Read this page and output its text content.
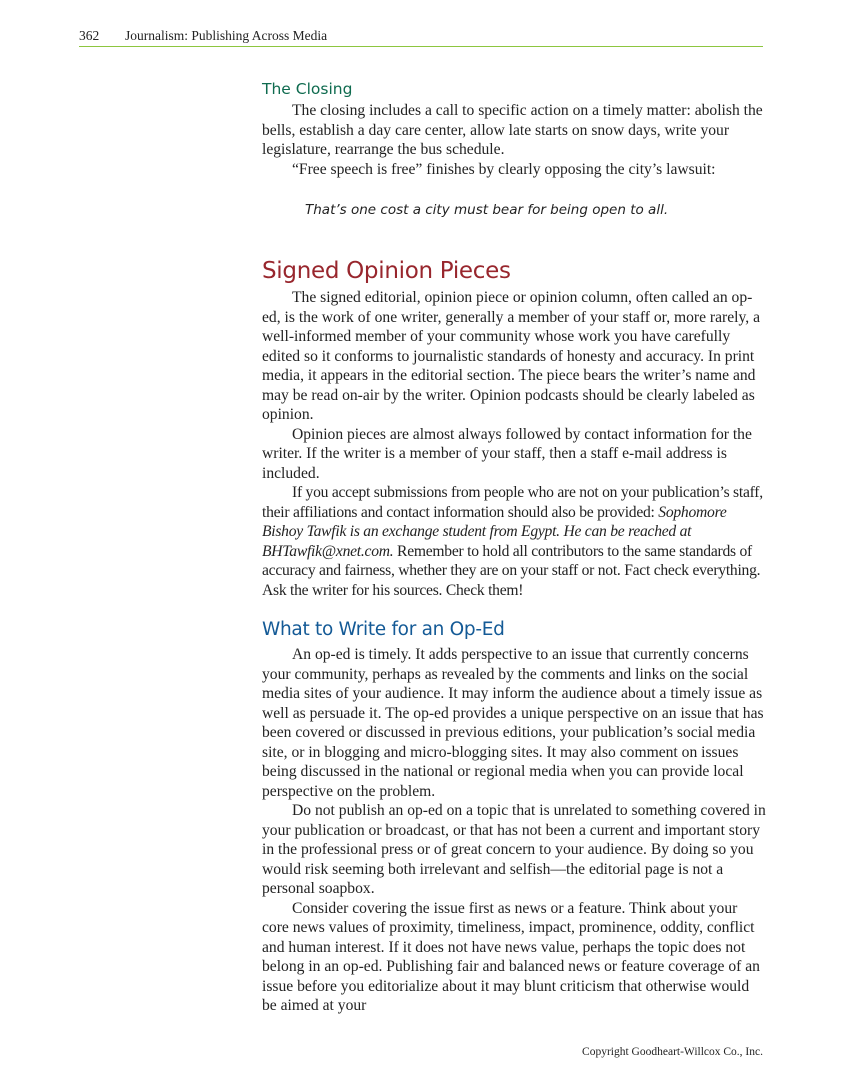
362 Journalism: Publishing Across Media
The Closing

The closing includes a call to specific action on a timely matter: abolish the bells, establish a day care center, allow late starts on snow days, write your legislature, rearrange the bus schedule.

“Free speech is free” finishes by clearly opposing the city’s lawsuit:

That’s one cost a city must bear for being open to all.
Signed Opinion Pieces

The signed editorial, opinion piece or opinion column, often called an op-ed, is the work of one writer, generally a member of your staff or, more rarely, a well-informed member of your community whose work you have carefully edited so it conforms to journalistic standards of honesty and accuracy. In print media, it appears in the editorial section. The piece bears the writer’s name and may be read on-air by the writer. Opinion podcasts should be clearly labeled as opinion.

Opinion pieces are almost always followed by contact information for the writer. If the writer is a member of your staff, then a staff e-mail address is included.

If you accept submissions from people who are not on your publication’s staff, their affiliations and contact information should also be provided: Sophomore Bishoy Tawfik is an exchange student from Egypt. He can be reached at BHTawfik@xnet.com. Remember to hold all contributors to the same standards of accuracy and fairness, whether they are on your staff or not. Fact check everything. Ask the writer for his sources. Check them!

What to Write for an Op-Ed

An op-ed is timely. It adds perspective to an issue that currently concerns your community, perhaps as revealed by the comments and links on the social media sites of your audience. It may inform the audience about a timely issue as well as persuade it. The op-ed provides a unique perspective on an issue that has been covered or discussed in previous editions, your publication’s social media site, or in blogging and micro-blogging sites. It may also comment on issues being discussed in the national or regional media when you can provide local perspective on the problem.

Do not publish an op-ed on a topic that is unrelated to something covered in your publication or broadcast, or that has not been a current and important story in the professional press or of great concern to your audience. By doing so you would risk seeming both irrelevant and selfish—the editorial page is not a personal soapbox.

Consider covering the issue first as news or a feature. Think about your core news values of proximity, timeliness, impact, prominence, oddity, conflict and human interest. If it does not have news value, perhaps the topic does not belong in an op-ed. Publishing fair and balanced news or feature coverage of an issue before you editorialize about it may blunt criticism that otherwise would be aimed at your

Copyright Goodheart-Willcox Co., Inc.
